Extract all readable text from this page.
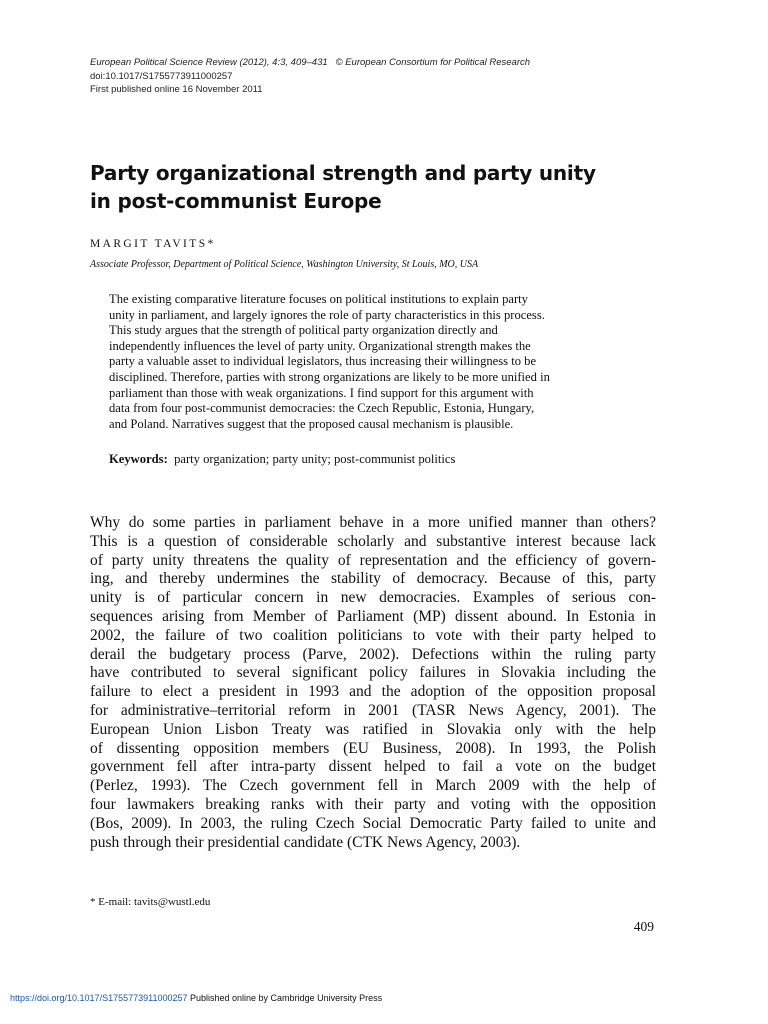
European Political Science Review (2012), 4:3, 409–431 © European Consortium for Political Research
doi:10.1017/S1755773911000257
First published online 16 November 2011
Party organizational strength and party unity
in post-communist Europe
MARGIT TAVITS*
Associate Professor, Department of Political Science, Washington University, St Louis, MO, USA
The existing comparative literature focuses on political institutions to explain party
unity in parliament, and largely ignores the role of party characteristics in this process.
This study argues that the strength of political party organization directly and
independently influences the level of party unity. Organizational strength makes the
party a valuable asset to individual legislators, thus increasing their willingness to be
disciplined. Therefore, parties with strong organizations are likely to be more unified in
parliament than those with weak organizations. I find support for this argument with
data from four post-communist democracies: the Czech Republic, Estonia, Hungary,
and Poland. Narratives suggest that the proposed causal mechanism is plausible.
Keywords: party organization; party unity; post-communist politics
Why do some parties in parliament behave in a more unified manner than others?
This is a question of considerable scholarly and substantive interest because lack
of party unity threatens the quality of representation and the efficiency of govern-
ing, and thereby undermines the stability of democracy. Because of this, party
unity is of particular concern in new democracies. Examples of serious con-
sequences arising from Member of Parliament (MP) dissent abound. In Estonia in
2002, the failure of two coalition politicians to vote with their party helped to
derail the budgetary process (Parve, 2002). Defections within the ruling party
have contributed to several significant policy failures in Slovakia including the
failure to elect a president in 1993 and the adoption of the opposition proposal
for administrative–territorial reform in 2001 (TASR News Agency, 2001). The
European Union Lisbon Treaty was ratified in Slovakia only with the help
of dissenting opposition members (EU Business, 2008). In 1993, the Polish
government fell after intra-party dissent helped to fail a vote on the budget
(Perlez, 1993). The Czech government fell in March 2009 with the help of
four lawmakers breaking ranks with their party and voting with the opposition
(Bos, 2009). In 2003, the ruling Czech Social Democratic Party failed to unite and
push through their presidential candidate (CTK News Agency, 2003).
* E-mail: tavits@wustl.edu
409
https://doi.org/10.1017/S1755773911000257 Published online by Cambridge University Press
